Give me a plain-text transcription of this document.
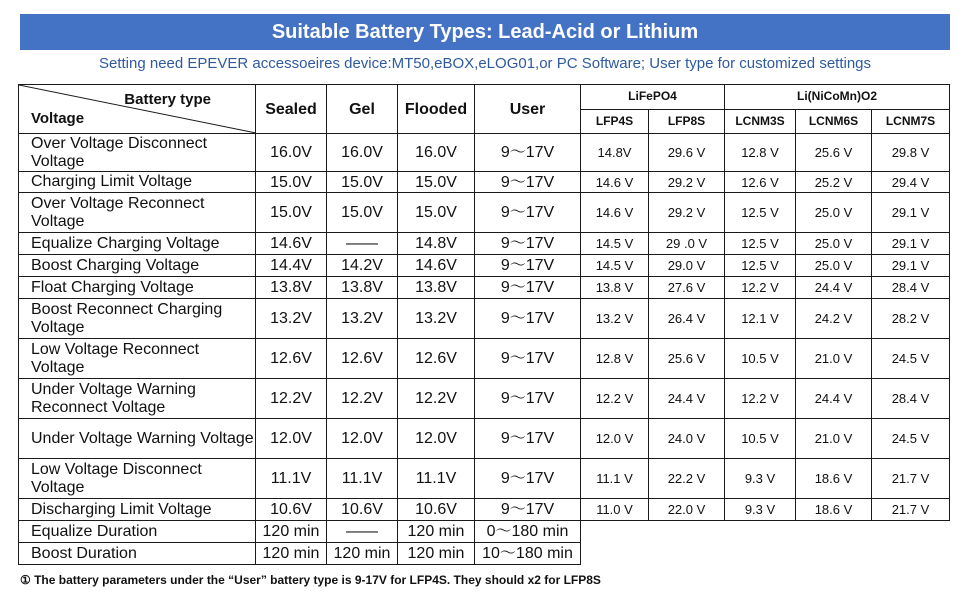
Suitable Battery Types: Lead-Acid or Lithium
Setting need EPEVER accessoeires device:MT50,eBOX,eLOG01,or PC Software; User type for customized settings
Battery type
Voltage	Sealed	Gel	Flooded	User	LiFePO4		Li(NiCoMn)O2		
					LFP4S	LFP8S	LCNM3S	LCNM6S	LCNM7S
Over Voltage Disconnect Voltage	16.0V	16.0V	16.0V	9～17V	14.8V	29.6 V	12.8 V	25.6 V	29.8 V
Charging Limit Voltage	15.0V	15.0V	15.0V	9～17V	14.6 V	29.2 V	12.6 V	25.2 V	29.4 V
Over Voltage Reconnect Voltage	15.0V	15.0V	15.0V	9～17V	14.6 V	29.2 V	12.5 V	25.0 V	29.1 V
Equalize Charging Voltage	14.6V	——	14.8V	9～17V	14.5 V	29 .0 V	12.5 V	25.0 V	29.1 V
Boost Charging Voltage	14.4V	14.2V	14.6V	9～17V	14.5 V	29.0 V	12.5 V	25.0 V	29.1 V
Float Charging Voltage	13.8V	13.8V	13.8V	9～17V	13.8 V	27.6 V	12.2 V	24.4 V	28.4 V
Boost Reconnect Charging Voltage	13.2V	13.2V	13.2V	9～17V	13.2 V	26.4 V	12.1 V	24.2 V	28.2 V
Low Voltage Reconnect Voltage	12.6V	12.6V	12.6V	9～17V	12.8 V	25.6 V	10.5 V	21.0 V	24.5 V
Under Voltage Warning Reconnect Voltage	12.2V	12.2V	12.2V	9～17V	12.2 V	24.4 V	12.2 V	24.4 V	28.4 V
Under Voltage Warning Voltage	12.0V	12.0V	12.0V	9～17V	12.0 V	24.0 V	10.5 V	21.0 V	24.5 V
Low Voltage Disconnect Voltage	11.1V	11.1V	11.1V	9～17V	11.1 V	22.2 V	9.3 V	18.6 V	21.7 V
Discharging Limit Voltage	10.6V	10.6V	10.6V	9～17V	11.0 V	22.0 V	9.3 V	18.6 V	21.7 V
Equalize Duration	120 min	——	120 min	0～180 min					
Boost Duration	120 min	120 min	120 min	10～180 min					
① The battery parameters under the “User” battery type is 9-17V for LFP4S. They should x2 for LFP8S
